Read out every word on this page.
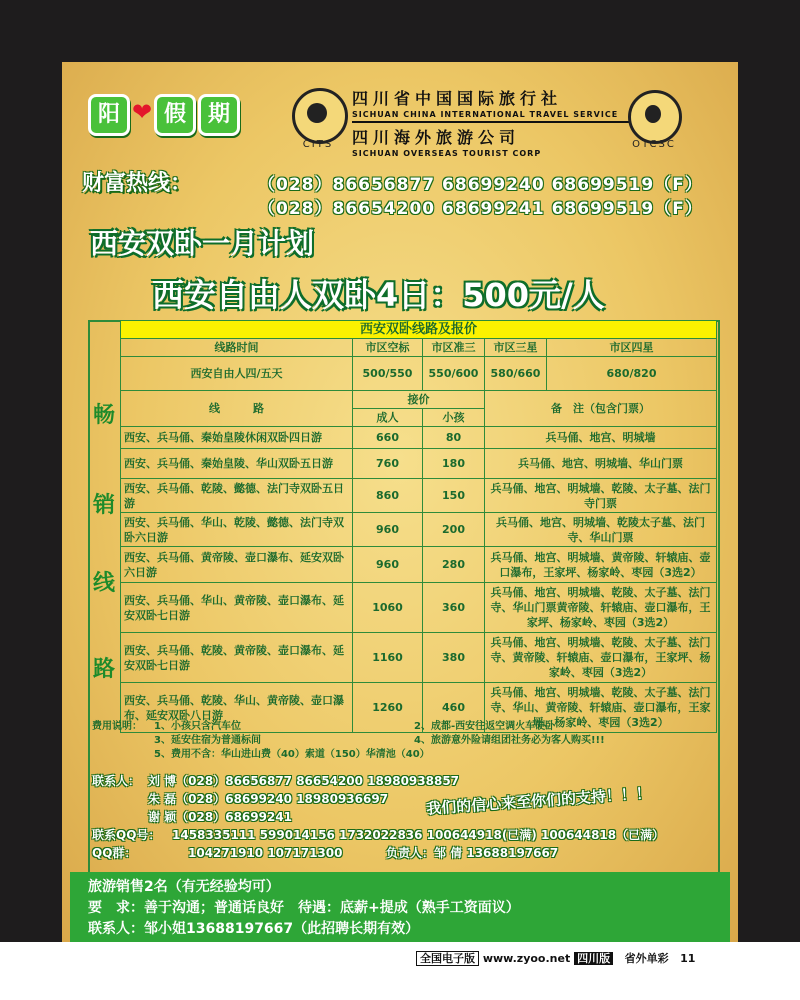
阳 ❤ 假 期
CITS
四川省中国国际旅行社
SICHUAN CHINA INTERNATIONAL TRAVEL SERVICE
四川海外旅游公司
SICHUAN OVERSEAS TOURIST CORP
OTCSC
财富热线：	（028）86656877 68699240 68699519（F）
（028）86654200 68699241 68699519（F）
西安双卧一月计划
西安自由人双卧4日：500元/人
畅
销
线
路
西安双卧线路及报价				
线路时间	市区空标	市区准三	市区三星	市区四星
西安自由人四/五天	500/550	550/600	580/660	680/820
线　　　路	接价		备　注（包含门票）	
	成人	小孩		
西安、兵马俑、秦始皇陵休闲双卧四日游	660	80	兵马俑、地宫、明城墙	
西安、兵马俑、秦始皇陵、华山双卧五日游	760	180	兵马俑、地宫、明城墙、华山门票	
西安、兵马俑、乾陵、懿德、法门寺双卧五日游	860	150	兵马俑、地宫、明城墙、乾陵、太子墓、法门寺门票	
西安、兵马俑、华山、乾陵、懿德、法门寺双卧六日游	960	200	兵马俑、地宫、明城墙、乾陵太子墓、法门寺、华山门票	
西安、兵马俑、黄帝陵、壶口瀑布、延安双卧六日游	960	280	兵马俑、地宫、明城墙、黄帝陵、轩辕庙、壶口瀑布，王家坪、杨家岭、枣园（3选2）	
西安、兵马俑、华山、黄帝陵、壶口瀑布、延安双卧七日游	1060	360	兵马俑、地宫、明城墙、乾陵、太子墓、法门寺、华山门票黄帝陵、轩辕庙、壶口瀑布，王家坪、杨家岭、枣园（3选2）	
西安、兵马俑、乾陵、黄帝陵、壶口瀑布、延安双卧七日游	1160	380	兵马俑、地宫、明城墙、乾陵、太子墓、法门寺、黄帝陵、轩辕庙、壶口瀑布，王家坪、杨家岭、枣园（3选2）	
西安、兵马俑、乾陵、华山、黄帝陵、壶口瀑布、延安双卧八日游	1260	460	兵马俑、地宫、明城墙、乾陵、太子墓、法门寺、华山、黄帝陵、轩辕庙、壶口瀑布，王家坪、杨家岭、枣园（3选2）	
费用说明： 1、小孩只含汽车位	2、成都-西安往返空调火车硬卧
3、延安住宿为普通标间	4、旅游意外险请组团社务必为客人购买!!!
5、费用不含：华山进山费（40）索道（150）华清池（40）
联系人： 刘 博（028）86656877 86654200 18980938857
朱 磊（028）68699240 18980936697
谢 颖（028）68699241
联系QQ号： 1458335111 599014156 1732022836 100644918(已满) 100644818（已满）
QQ群：	104271910 107171300	负责人：邹 倩 13688197667
我们的信心来至你们的支持！！！
旅游销售2名（有无经验均可）
要　求：善于沟通；普通话良好　待遇：底薪+提成（熟手工资面议）
联系人：邹小姐13688197667（此招聘长期有效）
全国电子版 www.zyoo.net 四川版 省外单彩 11
